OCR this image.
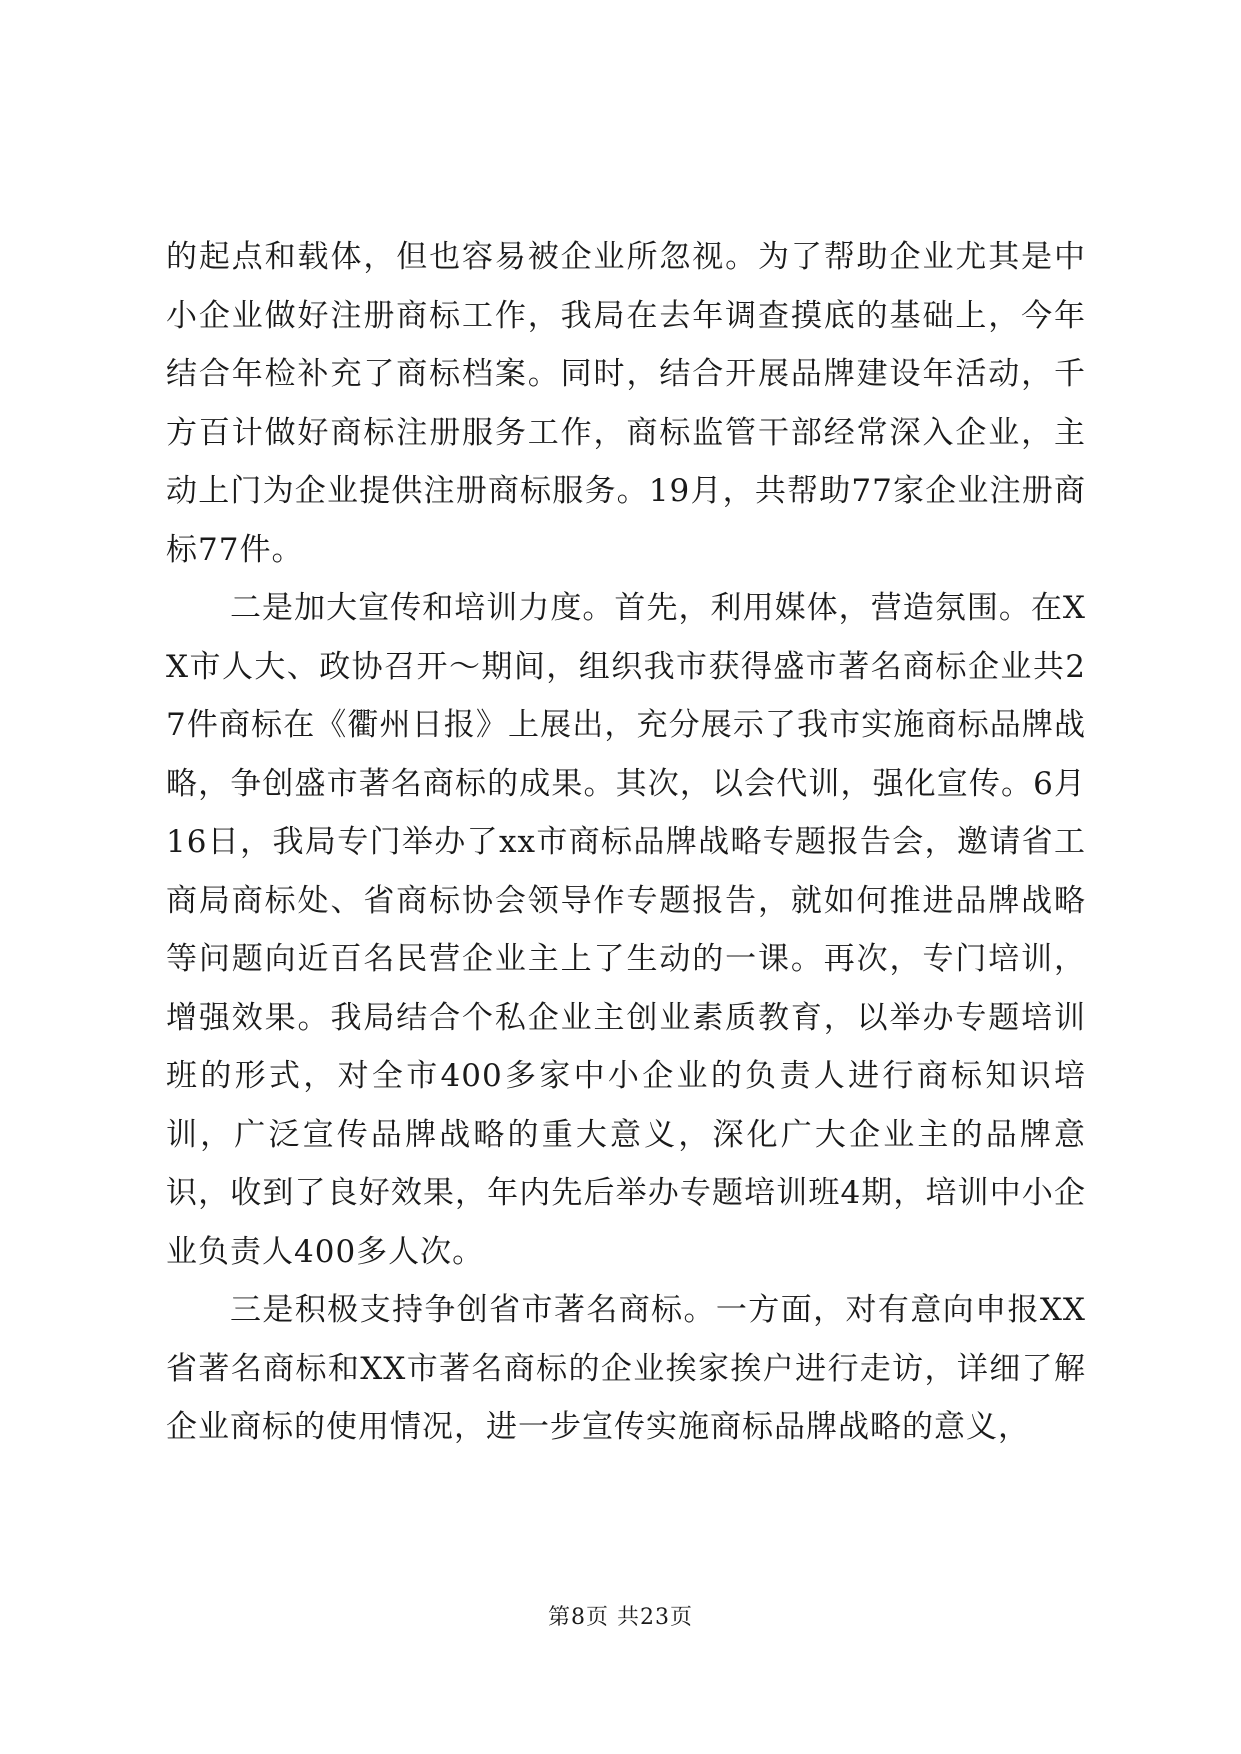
的起点和载体，但也容易被企业所忽视。为了帮助企业尤其是中小企业做好注册商标工作，我局在去年调查摸底的基础上，今年结合年检补充了商标档案。同时，结合开展品牌建设年活动，千方百计做好商标注册服务工作，商标监管干部经常深入企业，主动上门为企业提供注册商标服务。19月，共帮助77家企业注册商标77件。

二是加大宣传和培训力度。首先，利用媒体，营造氛围。在XX市人大、政协召开～期间，组织我市获得盛市著名商标企业共27件商标在《衢州日报》上展出，充分展示了我市实施商标品牌战略，争创盛市著名商标的成果。其次，以会代训，强化宣传。6月16日，我局专门举办了xx市商标品牌战略专题报告会，邀请省工商局商标处、省商标协会领导作专题报告，就如何推进品牌战略等问题向近百名民营企业主上了生动的一课。再次，专门培训，增强效果。我局结合个私企业主创业素质教育，以举办专题培训班的形式，对全市400多家中小企业的负责人进行商标知识培训，广泛宣传品牌战略的重大意义，深化广大企业主的品牌意识，收到了良好效果，年内先后举办专题培训班4期，培训中小企业负责人400多人次。

三是积极支持争创省市著名商标。一方面，对有意向申报XX省著名商标和XX市著名商标的企业挨家挨户进行走访，详细了解企业商标的使用情况，进一步宣传实施商标品牌战略的意义，

第8页 共23页
